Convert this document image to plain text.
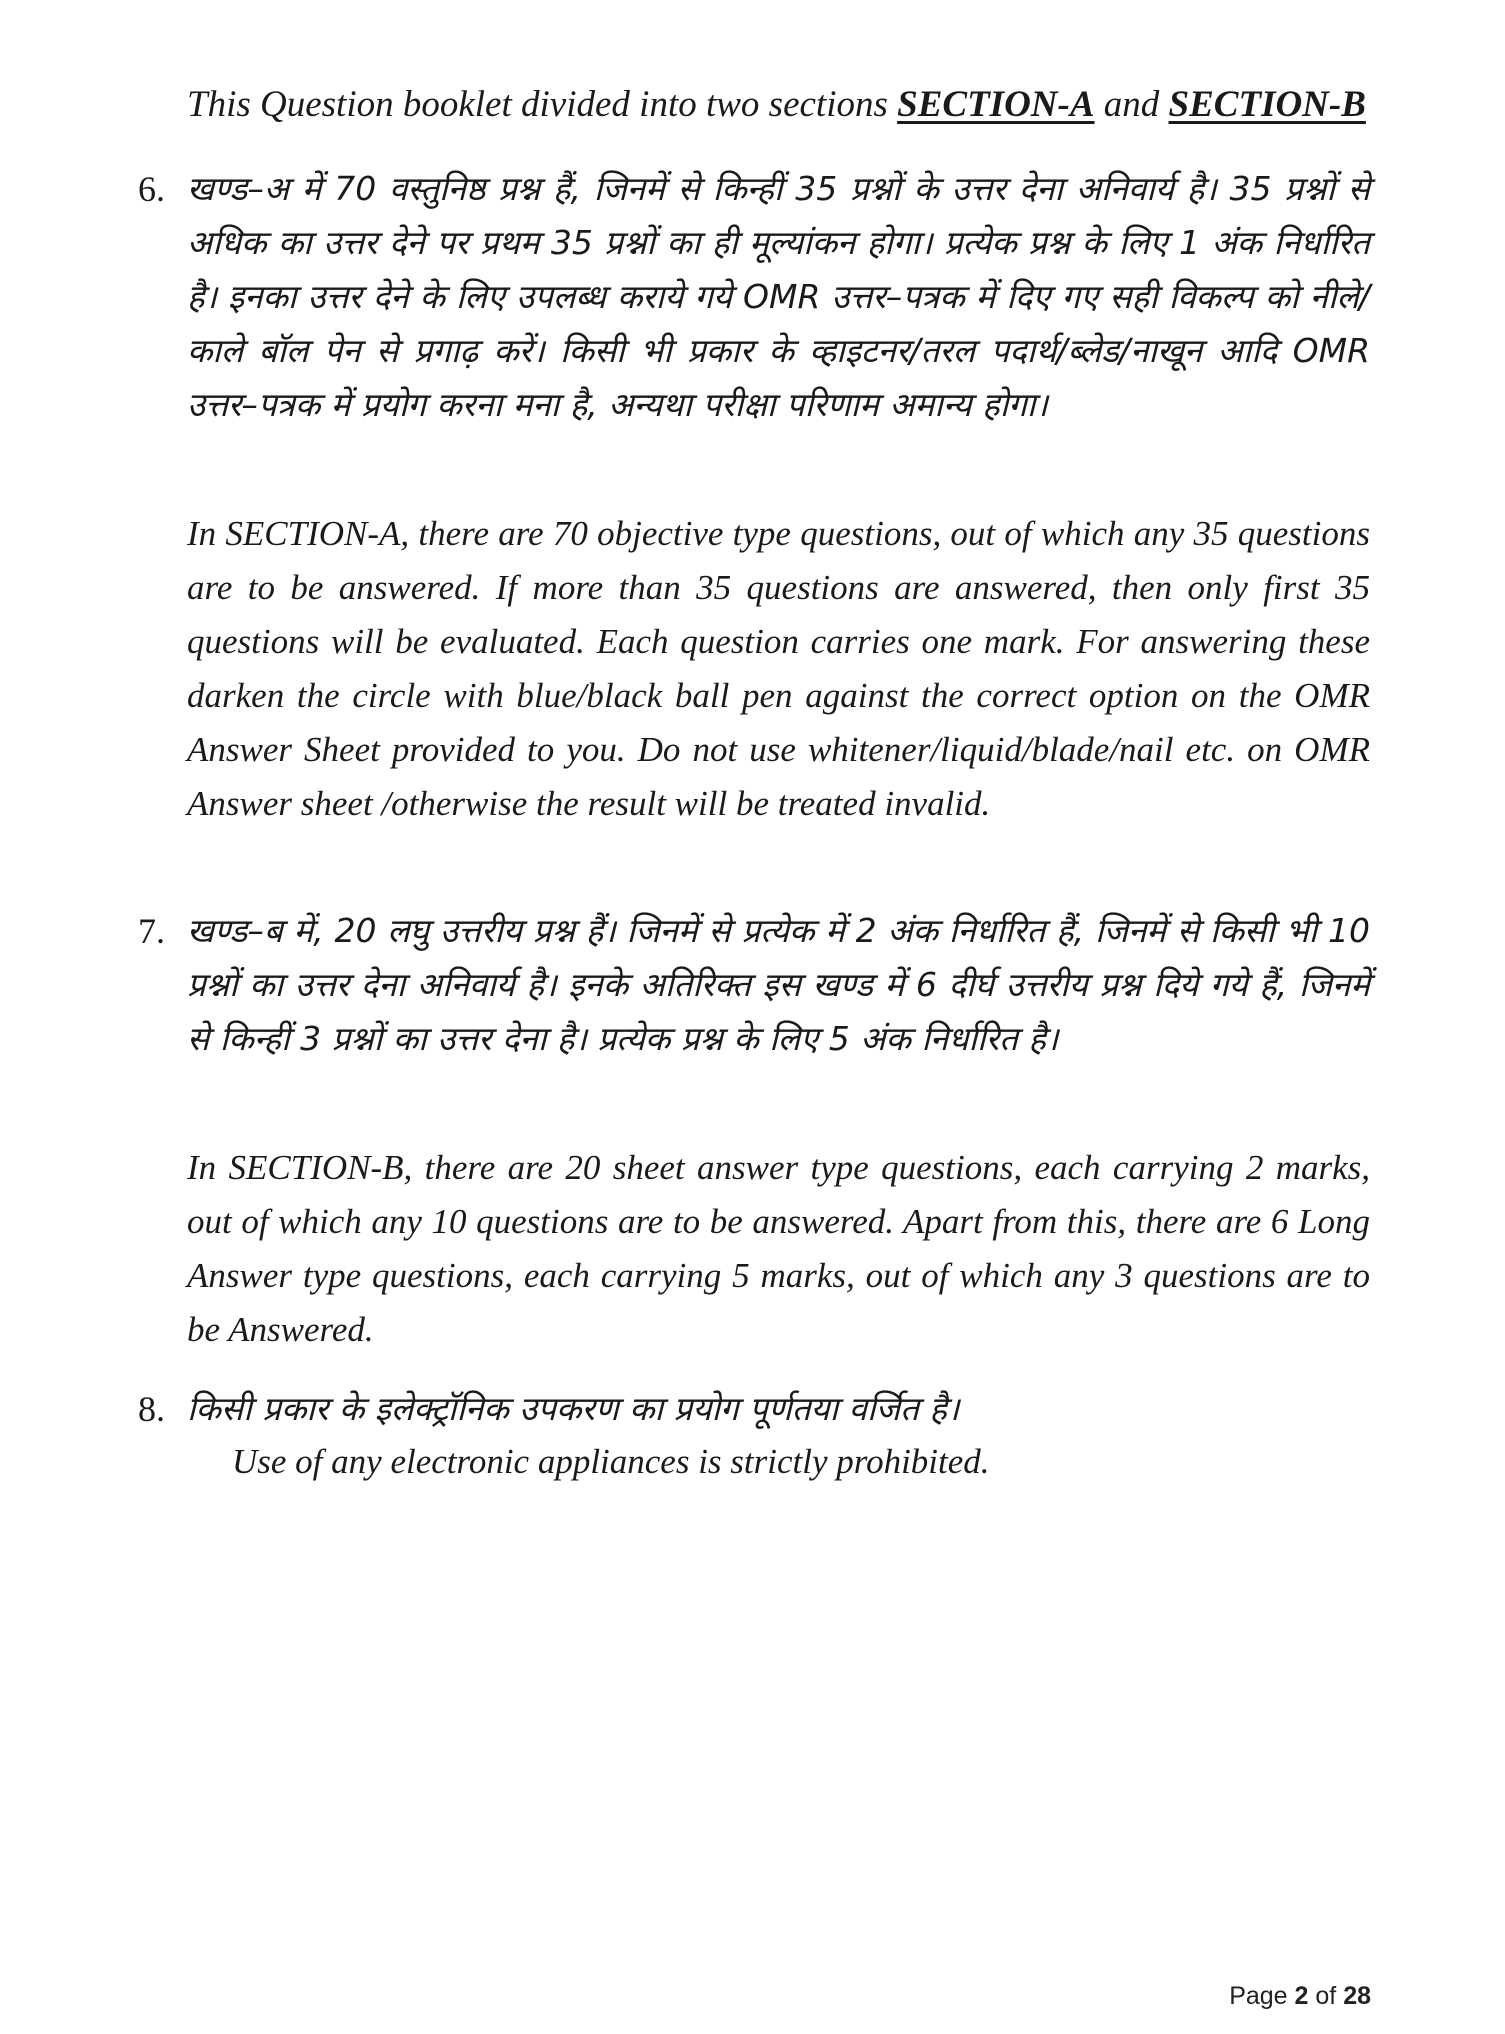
This Question booklet divided into two sections SECTION-A and SECTION-B
6. खण्ड–अ में 70 वस्तुनिष्ठ प्रश्न हैं, जिनमें से किन्हीं 35 प्रश्नों के उत्तर देना अनिवार्य है। 35 प्रश्नों से अधिक का उत्तर देने पर प्रथम 35 प्रश्नों का ही मूल्यांकन होगा। प्रत्येक प्रश्न के लिए 1 अंक निर्धारित है। इनका उत्तर देने के लिए उपलब्ध कराये गये OMR उत्तर–पत्रक में दिए गए सही विकल्प को नीले/काले बॉल पेन से प्रगाढ़ करें। किसी भी प्रकार के व्हाइटनर/तरल पदार्थ/ब्लेड/नाखून आदि OMR उत्तर–पत्रक में प्रयोग करना मना है, अन्यथा परीक्षा परिणाम अमान्य होगा।
In SECTION-A, there are 70 objective type questions, out of which any 35 questions are to be answered. If more than 35 questions are answered, then only first 35 questions will be evaluated. Each question carries one mark. For answering these darken the circle with blue/black ball pen against the correct option on the OMR Answer Sheet provided to you. Do not use whitener/liquid/blade/nail etc. on OMR Answer sheet /otherwise the result will be treated invalid.
7. खण्ड–ब में, 20 लघु उत्तरीय प्रश्न हैं। जिनमें से प्रत्येक में 2 अंक निर्धारित हैं, जिनमें से किसी भी 10 प्रश्नों का उत्तर देना अनिवार्य है। इनके अतिरिक्त इस खण्ड में 6 दीर्घ उत्तरीय प्रश्न दिये गये हैं, जिनमें से किन्हीं 3 प्रश्नों का उत्तर देना है। प्रत्येक प्रश्न के लिए 5 अंक निर्धारित है।
In SECTION-B, there are 20 sheet answer type questions, each carrying 2 marks, out of which any 10 questions are to be answered. Apart from this, there are 6 Long Answer type questions, each carrying 5 marks, out of which any 3 questions are to be Answered.
8. किसी प्रकार के इलेक्ट्रॉनिक उपकरण का प्रयोग पूर्णतया वर्जित है।
Use of any electronic appliances is strictly prohibited.
Page 2 of 28
